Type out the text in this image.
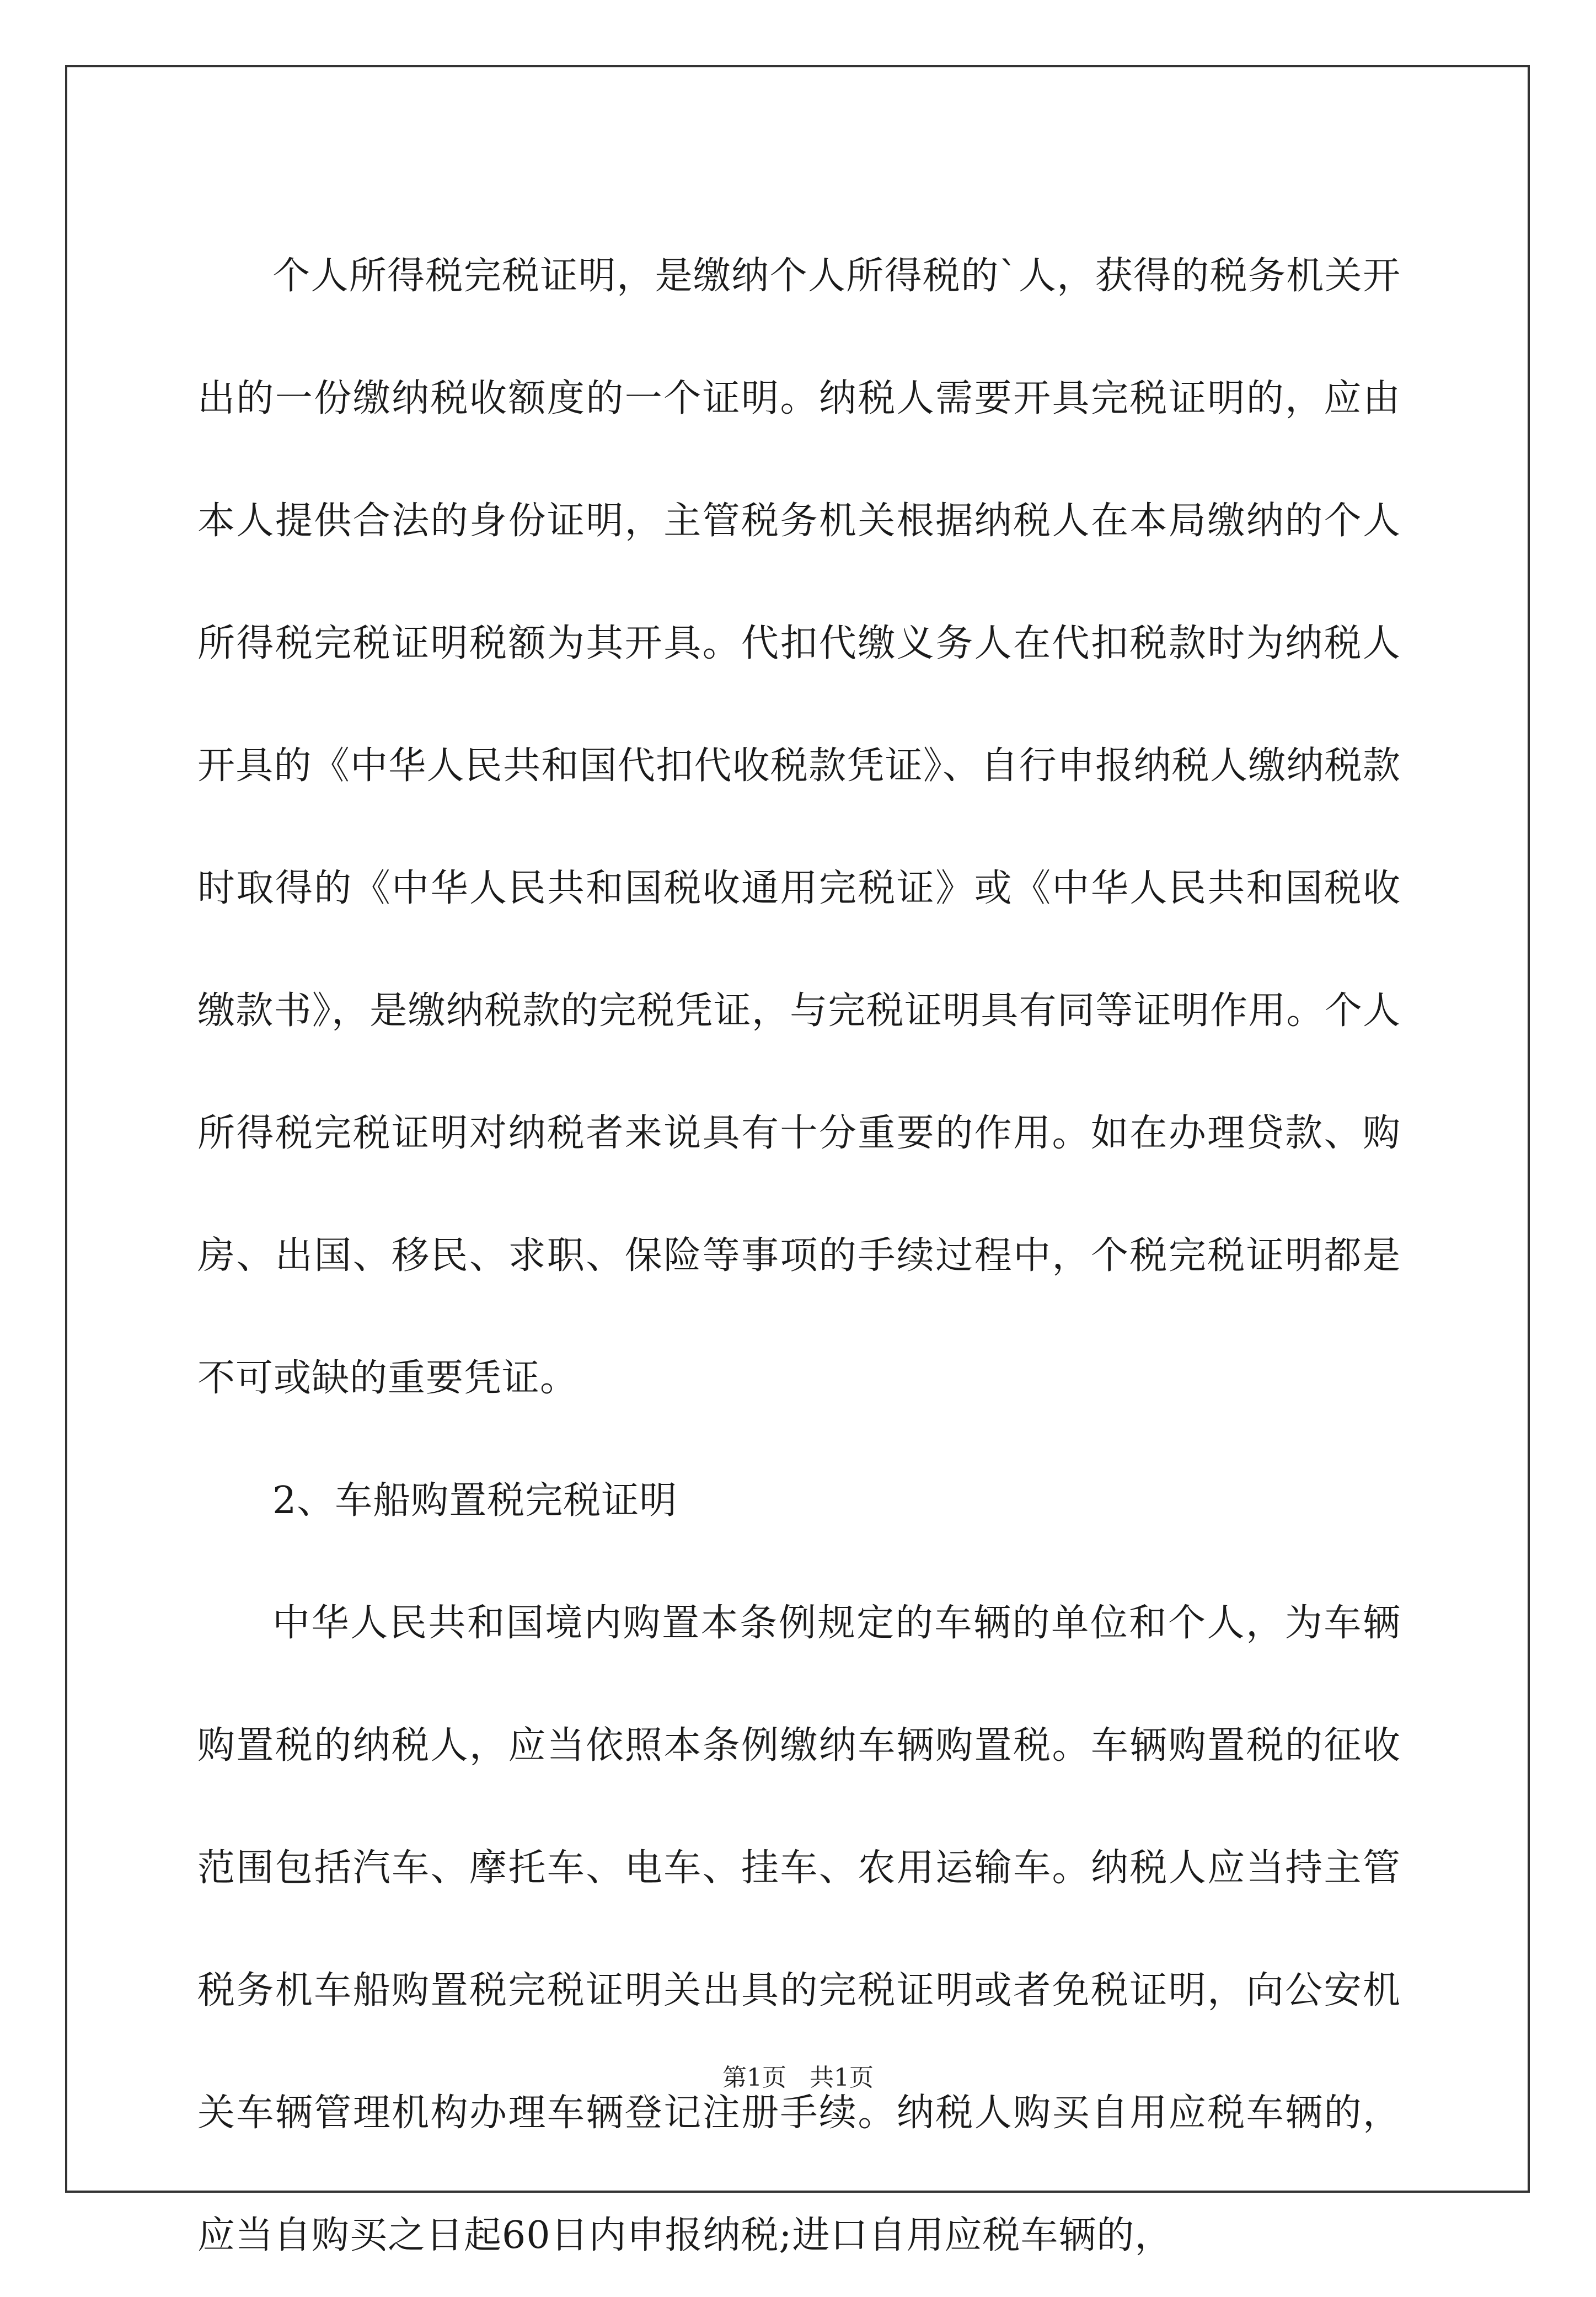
个人所得税完税证明，是缴纳个人所得税的`人，获得的税务机关开出的一份缴纳税收额度的一个证明。纳税人需要开具完税证明的，应由本人提供合法的身份证明，主管税务机关根据纳税人在本局缴纳的个人所得税完税证明税额为其开具。代扣代缴义务人在代扣税款时为纳税人开具的《中华人民共和国代扣代收税款凭证》、自行申报纳税人缴纳税款时取得的《中华人民共和国税收通用完税证》或《中华人民共和国税收缴款书》，是缴纳税款的完税凭证，与完税证明具有同等证明作用。个人所得税完税证明对纳税者来说具有十分重要的作用。如在办理贷款、购房、出国、移民、求职、保险等事项的手续过程中，个税完税证明都是不可或缺的重要凭证。

2、车船购置税完税证明

中华人民共和国境内购置本条例规定的车辆的单位和个人，为车辆购置税的纳税人，应当依照本条例缴纳车辆购置税。车辆购置税的征收范围包括汽车、摩托车、电车、挂车、农用运输车。纳税人应当持主管税务机车船购置税完税证明关出具的完税证明或者免税证明，向公安机关车辆管理机构办理车辆登记注册手续。纳税人购买自用应税车辆的，应当自购买之日起60日内申报纳税;进口自用应税车辆的，

第1页   共1页
